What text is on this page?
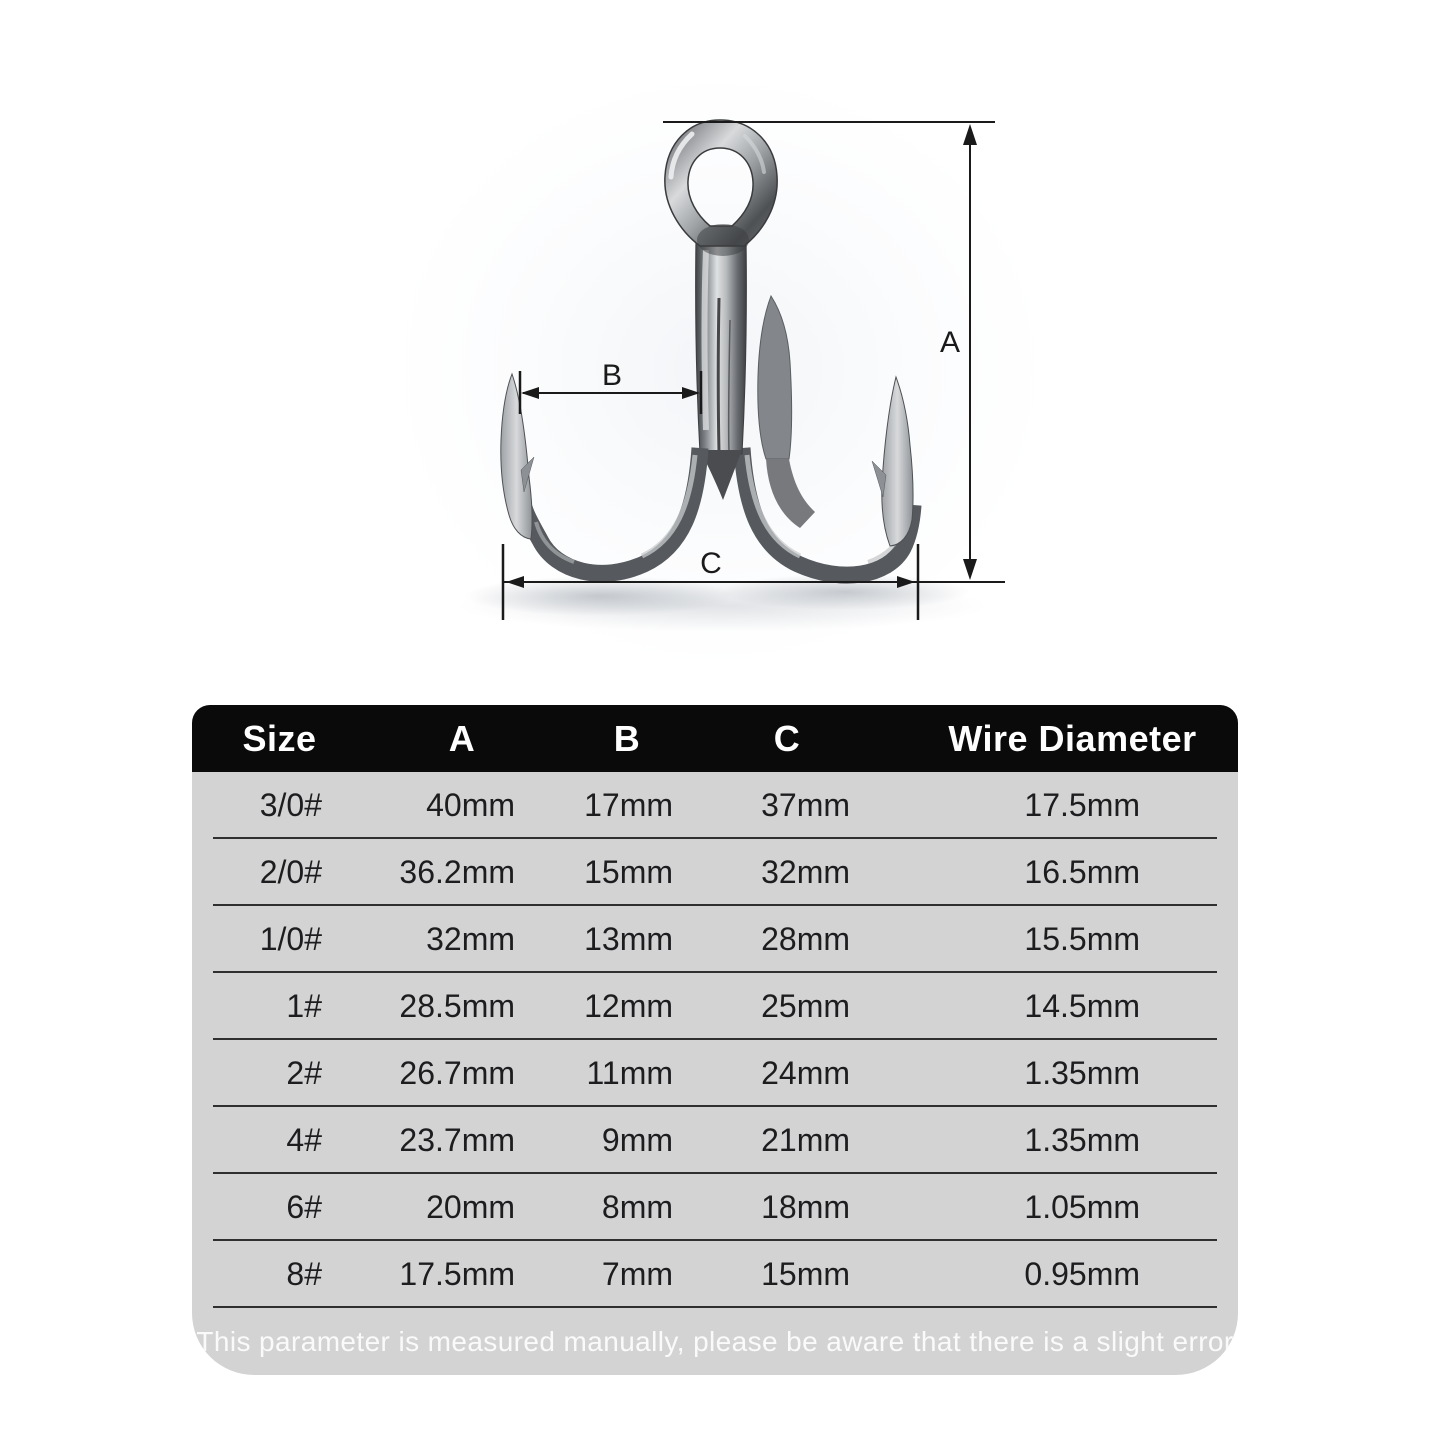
A
B
C
Size	A	B	C	Wire Diameter
3/0#	40mm	17mm	37mm	17.5mm
2/0#	36.2mm	15mm	32mm	16.5mm
1/0#	32mm	13mm	28mm	15.5mm
1#	28.5mm	12mm	25mm	14.5mm
2#	26.7mm	11mm	24mm	1.35mm
4#	23.7mm	9mm	21mm	1.35mm
6#	20mm	8mm	18mm	1.05mm
8#	17.5mm	7mm	15mm	0.95mm
This parameter is measured manually, please be aware that there is a slight error
